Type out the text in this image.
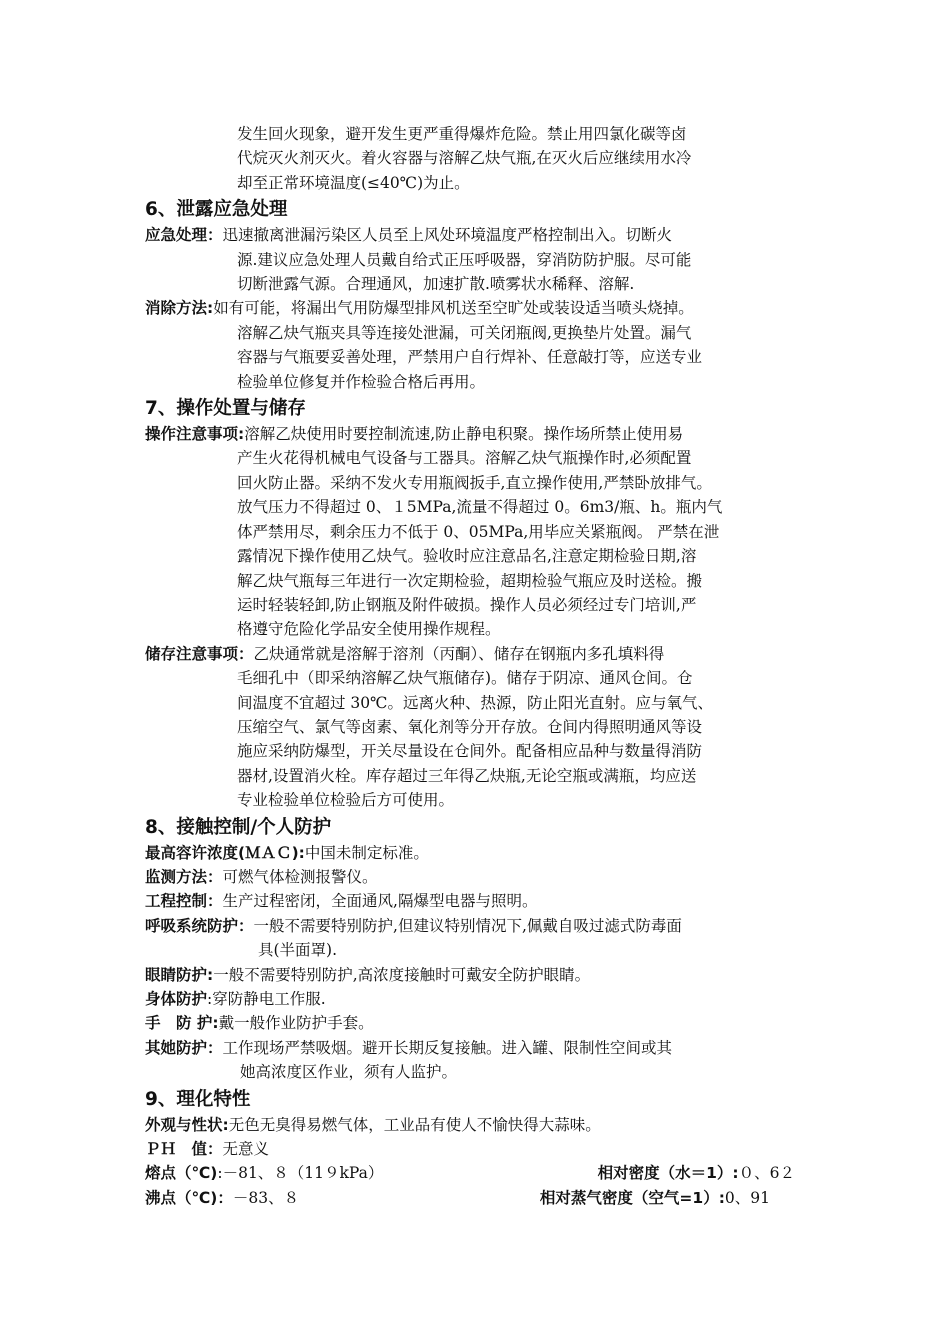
发生回火现象，避开发生更严重得爆炸危险。禁止用四氯化碳等卤
代烷灭火剂灭火。着火容器与溶解乙炔气瓶,在灭火后应继续用水冷
却至正常环境温度(≤40℃)为止。
6、泄露应急处理
应急处理： 迅速撤离泄漏污染区人员至上风处环境温度严格控制出入。切断火
源.建议应急处理人员戴自给式正压呼吸器，穿消防防护服。尽可能
切断泄露气源。合理通风，加速扩散.喷雾状水稀释、溶解.
消除方法: 如有可能，将漏出气用防爆型排风机送至空旷处或装设适当喷头烧掉。
溶解乙炔气瓶夹具等连接处泄漏，可关闭瓶阀,更换垫片处置。漏气
容器与气瓶要妥善处理，严禁用户自行焊补、任意敲打等，应送专业
检验单位修复并作检验合格后再用。
7、操作处置与储存
操作注意事项: 溶解乙炔使用时要控制流速,防止静电积聚。操作场所禁止使用易
产生火花得机械电气设备与工器具。溶解乙炔气瓶操作时,必须配置
回火防止器。采纳不发火专用瓶阀扳手,直立操作使用,严禁卧放排气。
放气压力不得超过 0、１5MPa,流量不得超过 0。6m3/瓶、h。瓶内气
体严禁用尽，剩余压力不低于 0、05MPa,用毕应关紧瓶阀。 严禁在泄
露情况下操作使用乙炔气。验收时应注意品名,注意定期检验日期,溶
解乙炔气瓶每三年进行一次定期检验，超期检验气瓶应及时送检。搬
运时轻装轻卸,防止钢瓶及附件破损。操作人员必须经过专门培训,严
格遵守危险化学品安全使用操作规程。
储存注意事项： 乙炔通常就是溶解于溶剂（丙酮）、储存在钢瓶内多孔填料得
毛细孔中（即采纳溶解乙炔气瓶储存)。储存于阴凉、通风仓间。仓
间温度不宜超过 30℃。远离火种、热源，防止阳光直射。应与氧气、
压缩空气、氯气等卤素、氧化剂等分开存放。仓间内得照明通风等设
施应采纳防爆型，开关尽量设在仓间外。配备相应品种与数量得消防
器材,设置消火栓。库存超过三年得乙炔瓶,无论空瓶或满瓶，均应送
专业检验单位检验后方可使用。
8、接触控制/个人防护
最高容许浓度(ＭＡＣ): 中国未制定标准。
监测方法： 可燃气体检测报警仪。
工程控制： 生产过程密闭，全面通风,隔爆型电器与照明。
呼吸系统防护： 一般不需要特别防护,但建议特别情况下,佩戴自吸过滤式防毒面
具(半面罩).
眼睛防护: 一般不需要特别防护,高浓度接触时可戴安全防护眼睛。
身体防护 :穿防静电工作服.
手　防 护: 戴一般作业防护手套。
其她防护： 工作现场严禁吸烟。避开长期反复接触。进入罐、限制性空间或其
她高浓度区作业，须有人监护。
9、理化特性
外观与性状: 无色无臭得易燃气体，工业品有使人不愉快得大蒜味。
ＰＨ　值： 无意义
熔点（℃):－81、８（11９kPa）	相对密度（水＝1）:０、6２
沸点（℃)：－83、８	相对蒸气密度（空气=1）:0、91
